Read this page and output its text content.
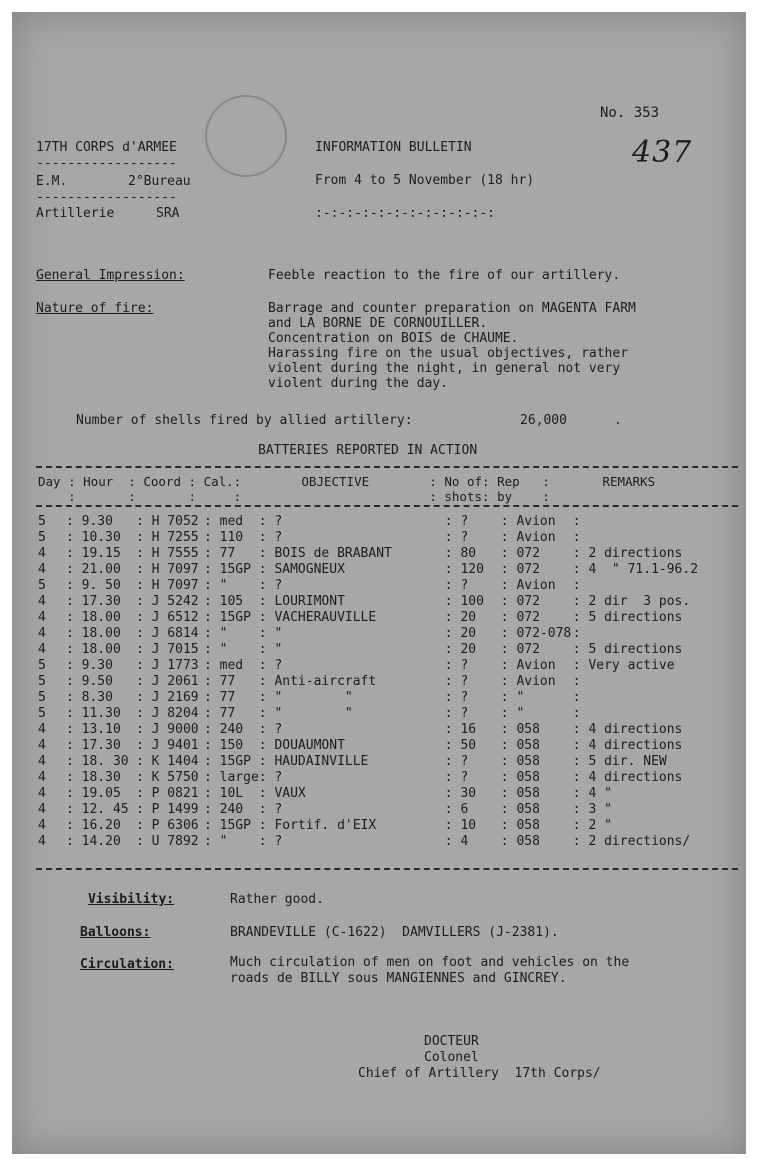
No. 353
437
17TH CORPS d'ARMEE
------------------
E.M.	2°Bureau
------------------
Artillerie	SRA
INFORMATION BULLETIN
From 4 to 5 November (18 hr)
:-:-:-:-:-:-:-:-:-:-:-:
General Impression:	Feeble reaction to the fire of our artillery.
Nature of fire:	Barrage and counter preparation on MAGENTA FARM
and LA BORNE DE CORNOUILLER.
Concentration on BOIS de CHAUME.
Harassing fire on the usual objectives, rather
violent during the night, in general not very
violent during the day.
Number of shells fired by allied artillery:	26,000	.
BATTERIES REPORTED IN ACTION
Day : Hour  : Coord : Cal.:        OBJECTIVE        : No of: Rep   :       REMARKS
:       :       :     :                         : shots: by    :
5	: 9.30	: H 7052	: med	: ?	: ?	: Avion	:
5	: 10.30	: H 7255	: 110	: ?	: ?	: Avion	:
4	: 19.15	: H 7555	: 77	: BOIS de BRABANT	: 80	: 072	: 2 directions
4	: 21.00	: H 7097	: 15GP	: SAMOGNEUX	: 120	: 072	: 4  " 71.1-96.2
5	: 9. 50	: H 7097	: "	: ?	: ?	: Avion	:
4	: 17.30	: J 5242	: 105	: LOURIMONT	: 100	: 072	: 2 dir  3 pos.
4	: 18.00	: J 6512	: 15GP	: VACHERAUVILLE	: 20	: 072	: 5 directions
4	: 18.00	: J 6814	: "	: "	: 20	: 072-078	:
4	: 18.00	: J 7015	: "	: "	: 20	: 072	: 5 directions
5	: 9.30	: J 1773	: med	: ?	: ?	: Avion	: Very active
5	: 9.50	: J 2061	: 77	: Anti-aircraft	: ?	: Avion	:
5	: 8.30	: J 2169	: 77	: "        "	: ?	: "	:
5	: 11.30	: J 8204	: 77	: "        "	: ?	: "	:
4	: 13.10	: J 9000	: 240	: ?	: 16	: 058	: 4 directions
4	: 17.30	: J 9401	: 150	: DOUAUMONT	: 50	: 058	: 4 directions
4	: 18. 30	: K 1404	: 15GP	: HAUDAINVILLE	: ?	: 058	: 5 dir. NEW
4	: 18.30	: K 5750	: large	: ?	: ?	: 058	: 4 directions
4	: 19.05	: P 0821	: 10L	: VAUX	: 30	: 058	: 4 "
4	: 12. 45	: P 1499	: 240	: ?	: 6	: 058	: 3 "
4	: 16.20	: P 6306	: 15GP	: Fortif. d'EIX	: 10	: 058	: 2 "
4	: 14.20	: U 7892	: "	: ?	: 4	: 058	: 2 directions/
Visibility:	Rather good.
Balloons:	BRANDEVILLE (C-1622)  DAMVILLERS (J-2381).
Circulation:	Much circulation of men on foot and vehicles on the
roads de BILLY sous MANGIENNES and GINCREY.
DOCTEUR
Colonel
Chief of Artillery  17th Corps/
